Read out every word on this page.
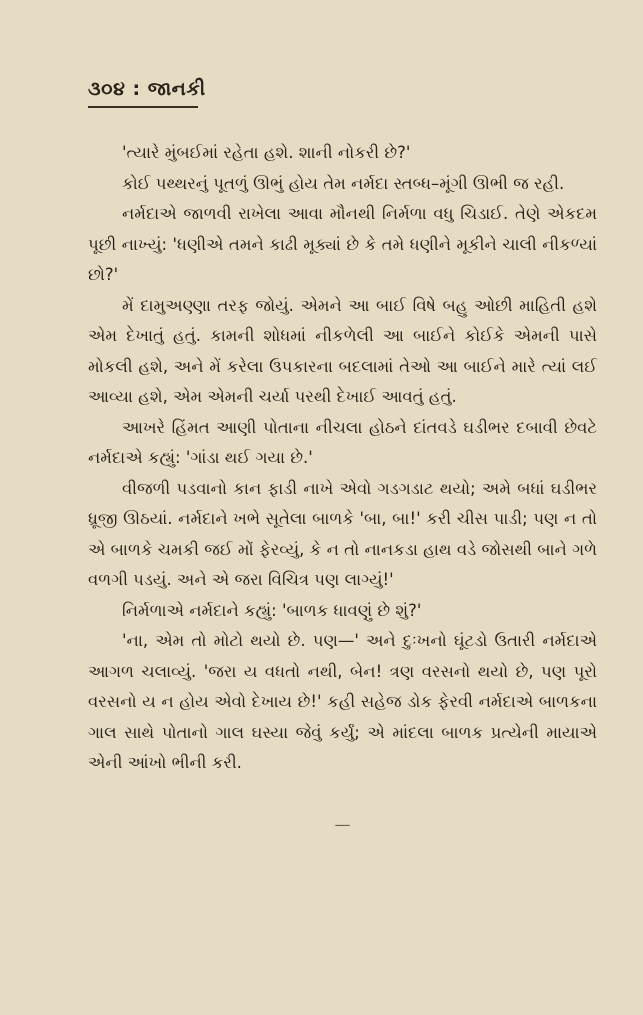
૩૦૪ : જાનકી

'ત્યારે મુંબઈમાં રહેતા હશે. શાની નોકરી છે?'

કોઈ પથ્થરનું પૂતળું ઊભું હોય તેમ નર્મદા સ્તબ્ધ–મૂંગી ઊભી જ રહી.

નર્મદાએ જાળવી રાખેલા આવા મૌનથી નિર્મળા વધુ ચિડાઈ. તેણે એકદમ પૂછી નાખ્યું: 'ધણીએ તમને કાઢી મૂક્યાં છે કે તમે ધણીને મૂકીને ચાલી નીકળ્યાં છો?'

મેં દામુઅણ્ણા તરફ જોયું. એમને આ બાઈ વિષે બહુ ઓછી માહિતી હશે એમ દેખાતું હતું. કામની શોધમાં નીકળેલી આ બાઈને કોઈકે એમની પાસે મોકલી હશે, અને મેં કરેલા ઉપકારના બદલામાં તેઓ આ બાઈને મારે ત્યાં લઈ આવ્યા હશે, એમ એમની ચર્યા પરથી દેખાઈ આવતું હતું.

આખરે હિંમત આણી પોતાના નીચલા હોઠને દાંતવડે ઘડીભર દબાવી છેવટે નર્મદાએ કહ્યું: 'ગાંડા થઈ ગયા છે.'

વીજળી પડવાનો કાન ફાડી નાખે એવો ગડગડાટ થયો; અમે બધાં ઘડીભર ધ્રૂજી ઊઠયાં. નર્મદાને ખભે સૂતેલા બાળકે 'બા, બા!' કરી ચીસ પાડી; પણ ન તો એ બાળકે ચમકી જઈ મોં ફેરવ્યું, કે ન તો નાનકડા હાથ વડે જોસથી બાને ગળે વળગી પડયું. અને એ જરા વિચિત્ર પણ લાગ્યું!'

નિર્મળાએ નર્મદાને કહ્યું: 'બાળક ધાવણું છે શું?'

'ના, એમ તો મોટો થયો છે. પણ—' અને દુઃખનો ઘૂંટડો ઉતારી નર્મદાએ આગળ ચલાવ્યું. 'જરા ય વધતો નથી, બેન! ત્રણ વરસનો થયો છે, પણ પૂરો વરસનો ય ન હોય એવો દેખાય છે!' કહી સહેજ ડોક ફેરવી નર્મદાએ બાળકના ગાલ સાથે પોતાનો ગાલ ઘસ્યા જેવું કર્યું; એ માંદલા બાળક પ્રત્યેની માયાએ એની આંખો ભીની કરી.

—
